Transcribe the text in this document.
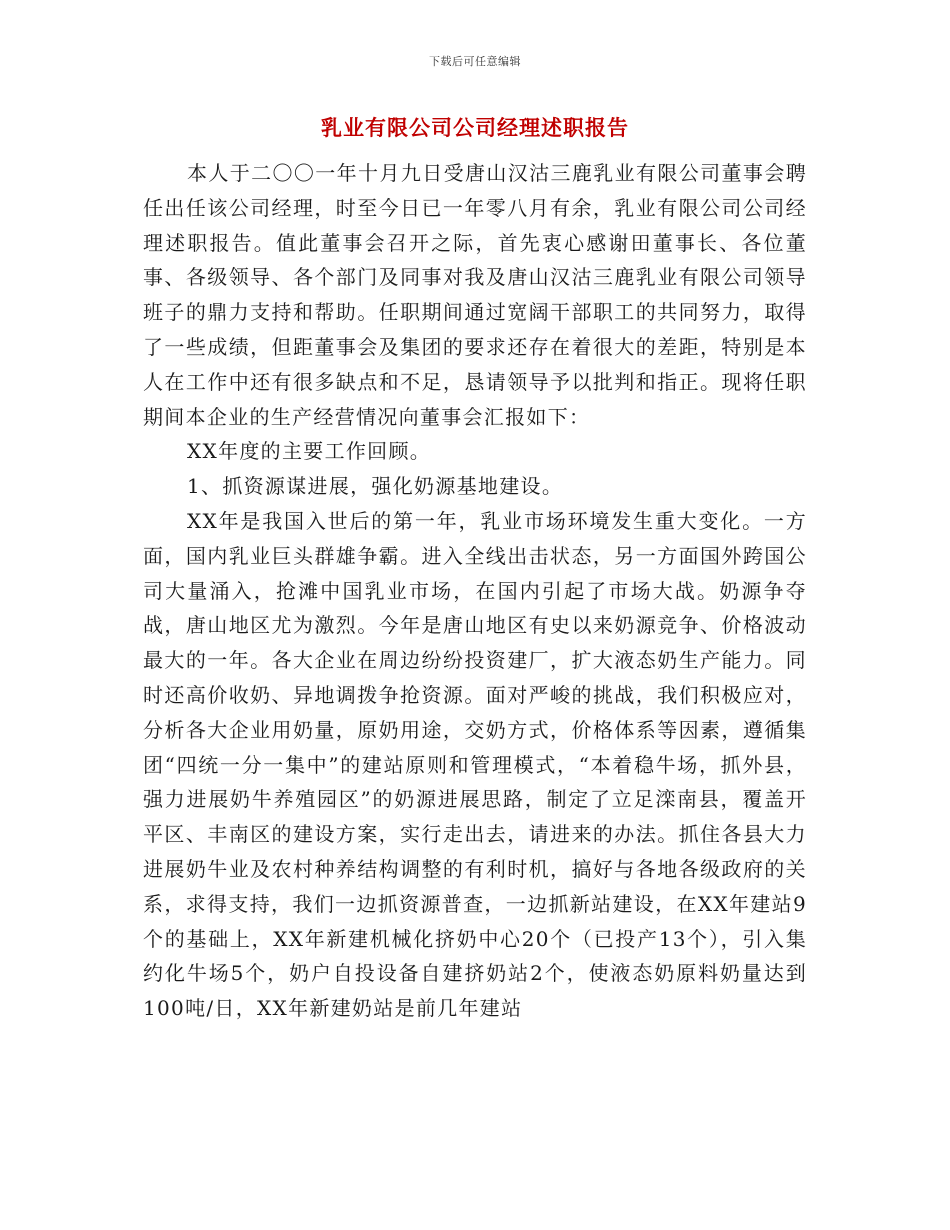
下载后可任意编辑
乳业有限公司公司经理述职报告

本人于二〇〇一年十月九日受唐山汉沽三鹿乳业有限公司董事会聘任出任该公司经理，时至今日已一年零八月有余，乳业有限公司公司经理述职报告。值此董事会召开之际，首先衷心感谢田董事长、各位董事、各级领导、各个部门及同事对我及唐山汉沽三鹿乳业有限公司领导班子的鼎力支持和帮助。任职期间通过宽阔干部职工的共同努力，取得了一些成绩，但距董事会及集团的要求还存在着很大的差距，特别是本人在工作中还有很多缺点和不足，恳请领导予以批判和指正。现将任职期间本企业的生产经营情况向董事会汇报如下：

XX年度的主要工作回顾。

1、抓资源谋进展，强化奶源基地建设。

XX年是我国入世后的第一年，乳业市场环境发生重大变化。一方面，国内乳业巨头群雄争霸。进入全线出击状态，另一方面国外跨国公司大量涌入，抢滩中国乳业市场，在国内引起了市场大战。奶源争夺战，唐山地区尤为激烈。今年是唐山地区有史以来奶源竞争、价格波动最大的一年。各大企业在周边纷纷投资建厂，扩大液态奶生产能力。同时还高价收奶、异地调拨争抢资源。面对严峻的挑战，我们积极应对，分析各大企业用奶量，原奶用途，交奶方式，价格体系等因素，遵循集团“四统一分一集中”的建站原则和管理模式，“本着稳牛场，抓外县，强力进展奶牛养殖园区”的奶源进展思路，制定了立足滦南县，覆盖开平区、丰南区的建设方案，实行走出去，请进来的办法。抓住各县大力进展奶牛业及农村种养结构调整的有利时机，搞好与各地各级政府的关系，求得支持，我们一边抓资源普查，一边抓新站建设，在XX年建站9个的基础上，XX年新建机械化挤奶中心20个（已投产13个），引入集约化牛场5个，奶户自投设备自建挤奶站2个，使液态奶原料奶量达到100吨/日，XX年新建奶站是前几年建站
